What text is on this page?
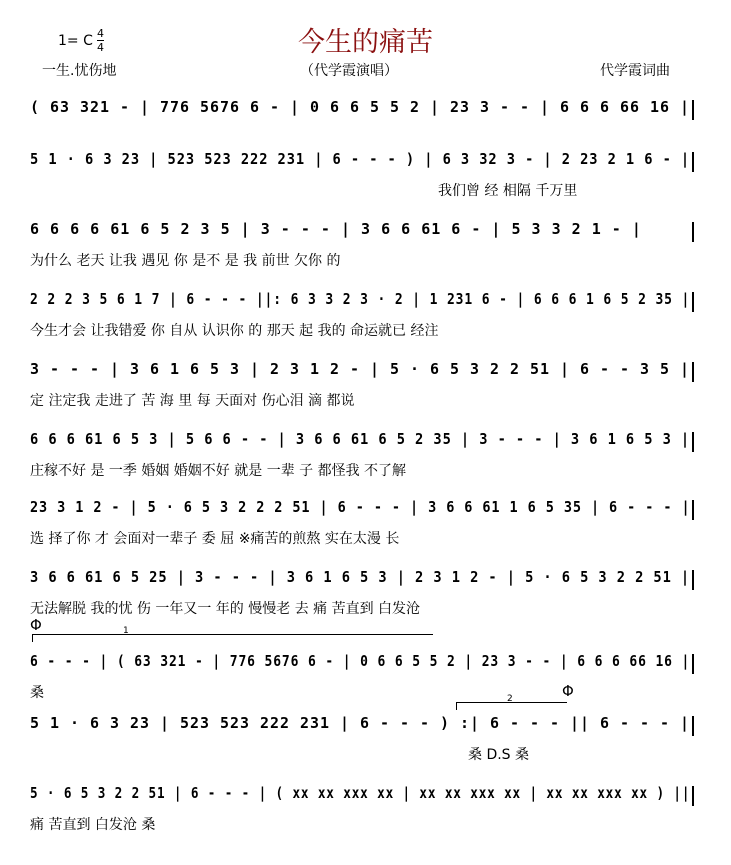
今生的痛苦
1= C 4
4
一生.忧伤地	（代学霞演唱）	代学霞词曲
( 63 321 - | 776 5676 6 - | 0 6 6 5 5 2 | 23 3 - - | 6 6 6 66 16 |
5 1 · 6 3 23 | 523 523 222 231 | 6 - - - ) | 6 3 32 3 - | 2 23 2 1 6 - |
我们曾 经 相隔 千万里
6 6 6 6 61 6 5 2 3 5 | 3 - - - | 3 6 6 61 6 - | 5 3 3 2 1 - |
为什么 老天 让我 遇见 你 是不 是 我 前世 欠你 的
2 2 2 3 5 6 1 7 | 6 - - - ||: 6 3 3 2 3 · 2 | 1 231 6 - | 6 6 6 1 6 5 2 35 |
今生才会 让我错爱 你 自从 认识你 的 那天 起 我的 命运就已 经注
3 - - - | 3 6 1 6 5 3 | 2 3 1 2 - | 5 · 6 5 3 2 2 51 | 6 - - 3 5 |
定 注定我 走进了 苦 海 里 每 天面对 伤心泪 滴 都说
6 6 6 61 6 5 3 | 5 6 6 - - | 3 6 6 61 6 5 2 35 | 3 - - - | 3 6 1 6 5 3 |
庄稼不好 是 一季 婚姻 婚姻不好 就是 一辈 子 都怪我 不了解
23 3 1 2 - | 5 · 6 5 3 2 2 2 51 | 6 - - - | 3 6 6 61 1 6 5 35 | 6 - - - |
选 择了你 才 会面对一辈子 委 屈 ※痛苦的煎熬 实在太漫 长
3 6 6 61 6 5 25 | 3 - - - | 3 6 1 6 5 3 | 2 3 1 2 - | 5 · 6 5 3 2 2 51 |
无法解脱 我的忧 伤 一年又一 年的 慢慢老 去 痛 苦直到 白发沧
Φ	1
6 - - - | ( 63 321 - | 776 5676 6 - | 0 6 6 5 5 2 | 23 3 - - | 6 6 6 66 16 |
桑	Φ
2
5 1 · 6 3 23 | 523 523 222 231 | 6 - - - ) :| 6 - - - || 6 - - - |
桑 D.S 桑
5 · 6 5 3 2 2 51 | 6 - - - | ( xx xx xxx xx | xx xx xxx xx | xx xx xxx xx ) ||
痛 苦直到 白发沧 桑
